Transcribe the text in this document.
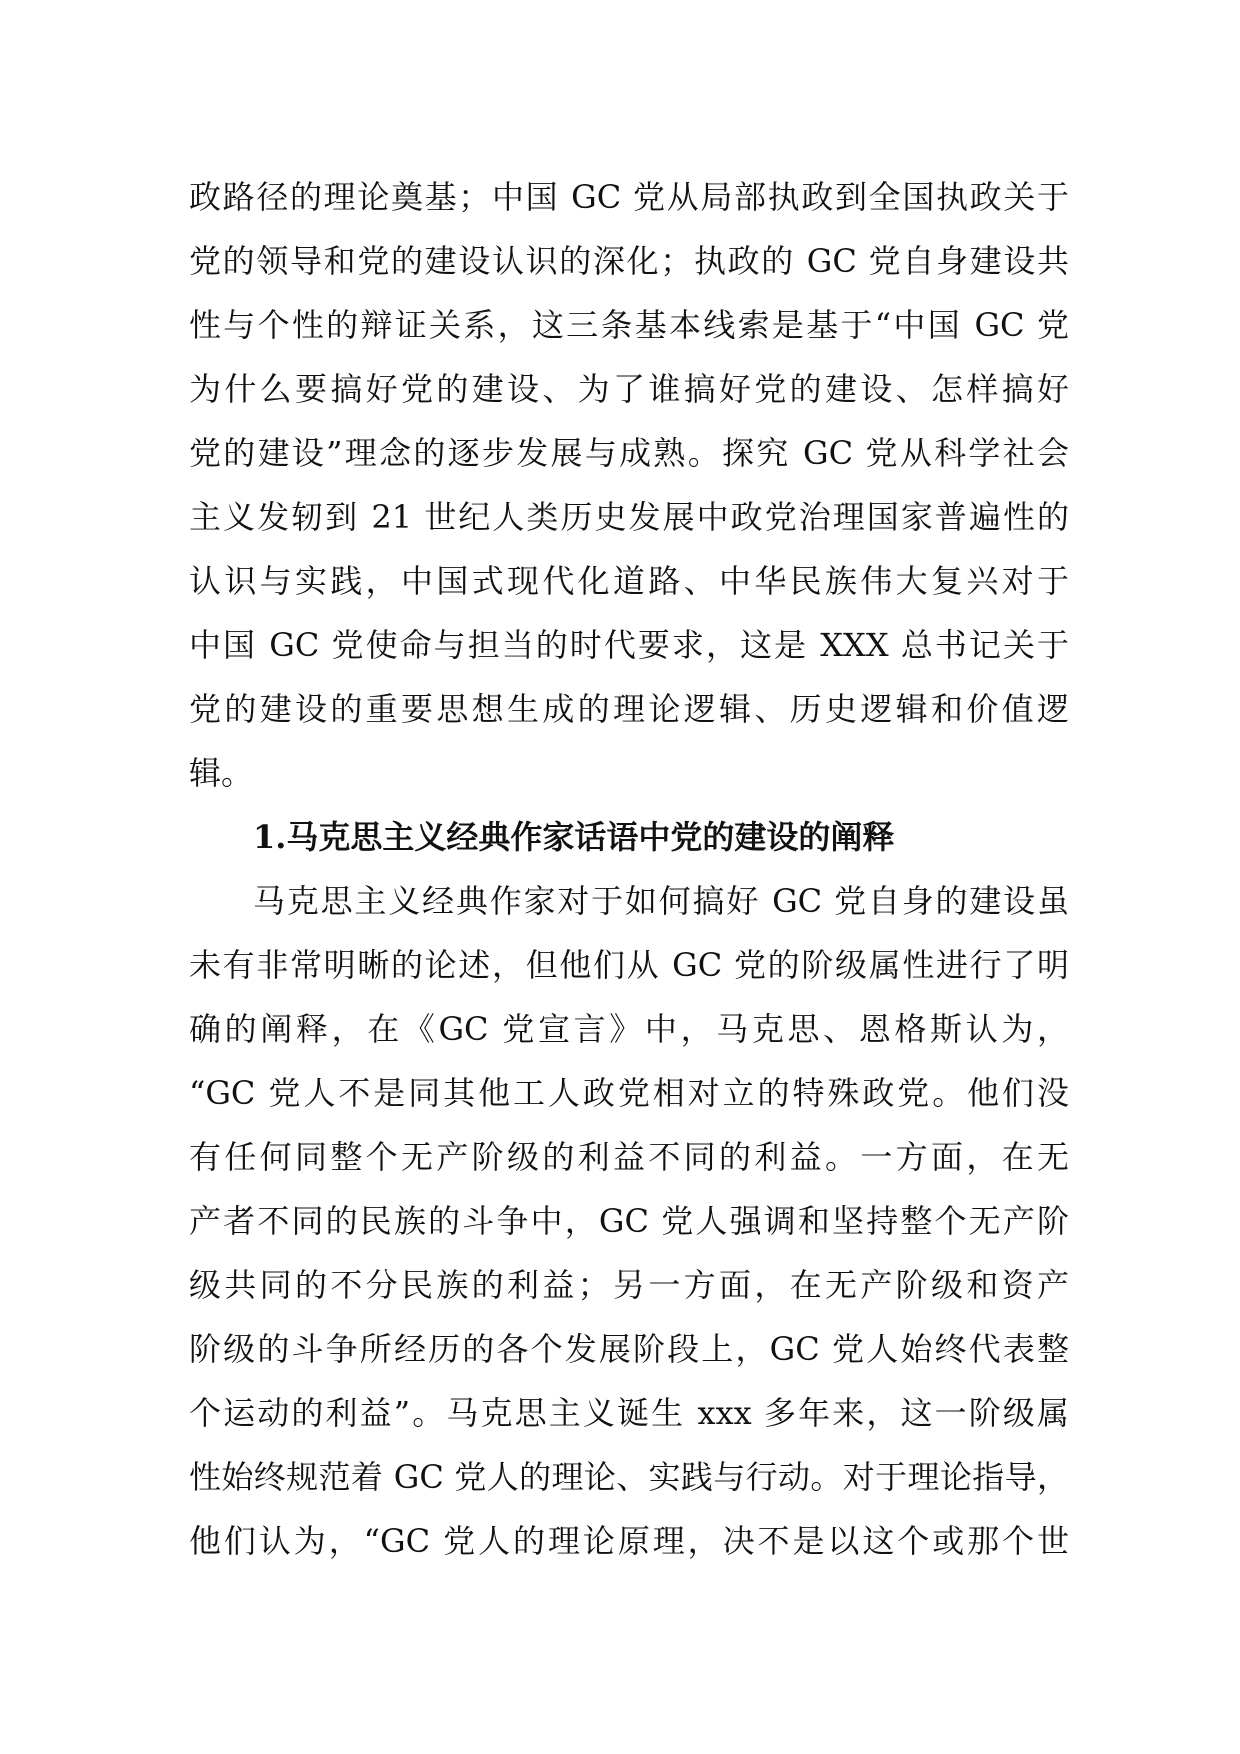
政路径的理论奠基；中国 GC 党从局部执政到全国执政关于
党的领导和党的建设认识的深化；执政的 GC 党自身建设共
性与个性的辩证关系，这三条基本线索是基于“中国 GC 党
为什么要搞好党的建设、为了谁搞好党的建设、怎样搞好
党的建设”理念的逐步发展与成熟。探究 GC 党从科学社会
主义发轫到 21 世纪人类历史发展中政党治理国家普遍性的
认识与实践，中国式现代化道路、中华民族伟大复兴对于
中国 GC 党使命与担当的时代要求，这是 XXX 总书记关于
党的建设的重要思想生成的理论逻辑、历史逻辑和价值逻
辑。
1.马克思主义经典作家话语中党的建设的阐释
马克思主义经典作家对于如何搞好 GC 党自身的建设虽
未有非常明晰的论述，但他们从 GC 党的阶级属性进行了明
确的阐释，在《GC 党宣言》中，马克思、恩格斯认为，
“GC 党人不是同其他工人政党相对立的特殊政党。他们没
有任何同整个无产阶级的利益不同的利益。一方面，在无
产者不同的民族的斗争中，GC 党人强调和坚持整个无产阶
级共同的不分民族的利益；另一方面，在无产阶级和资产
阶级的斗争所经历的各个发展阶段上，GC 党人始终代表整
个运动的利益”。马克思主义诞生 xxx 多年来，这一阶级属
性始终规范着 GC 党人的理论、实践与行动。对于理论指导，
他们认为，“GC 党人的理论原理，决不是以这个或那个世
